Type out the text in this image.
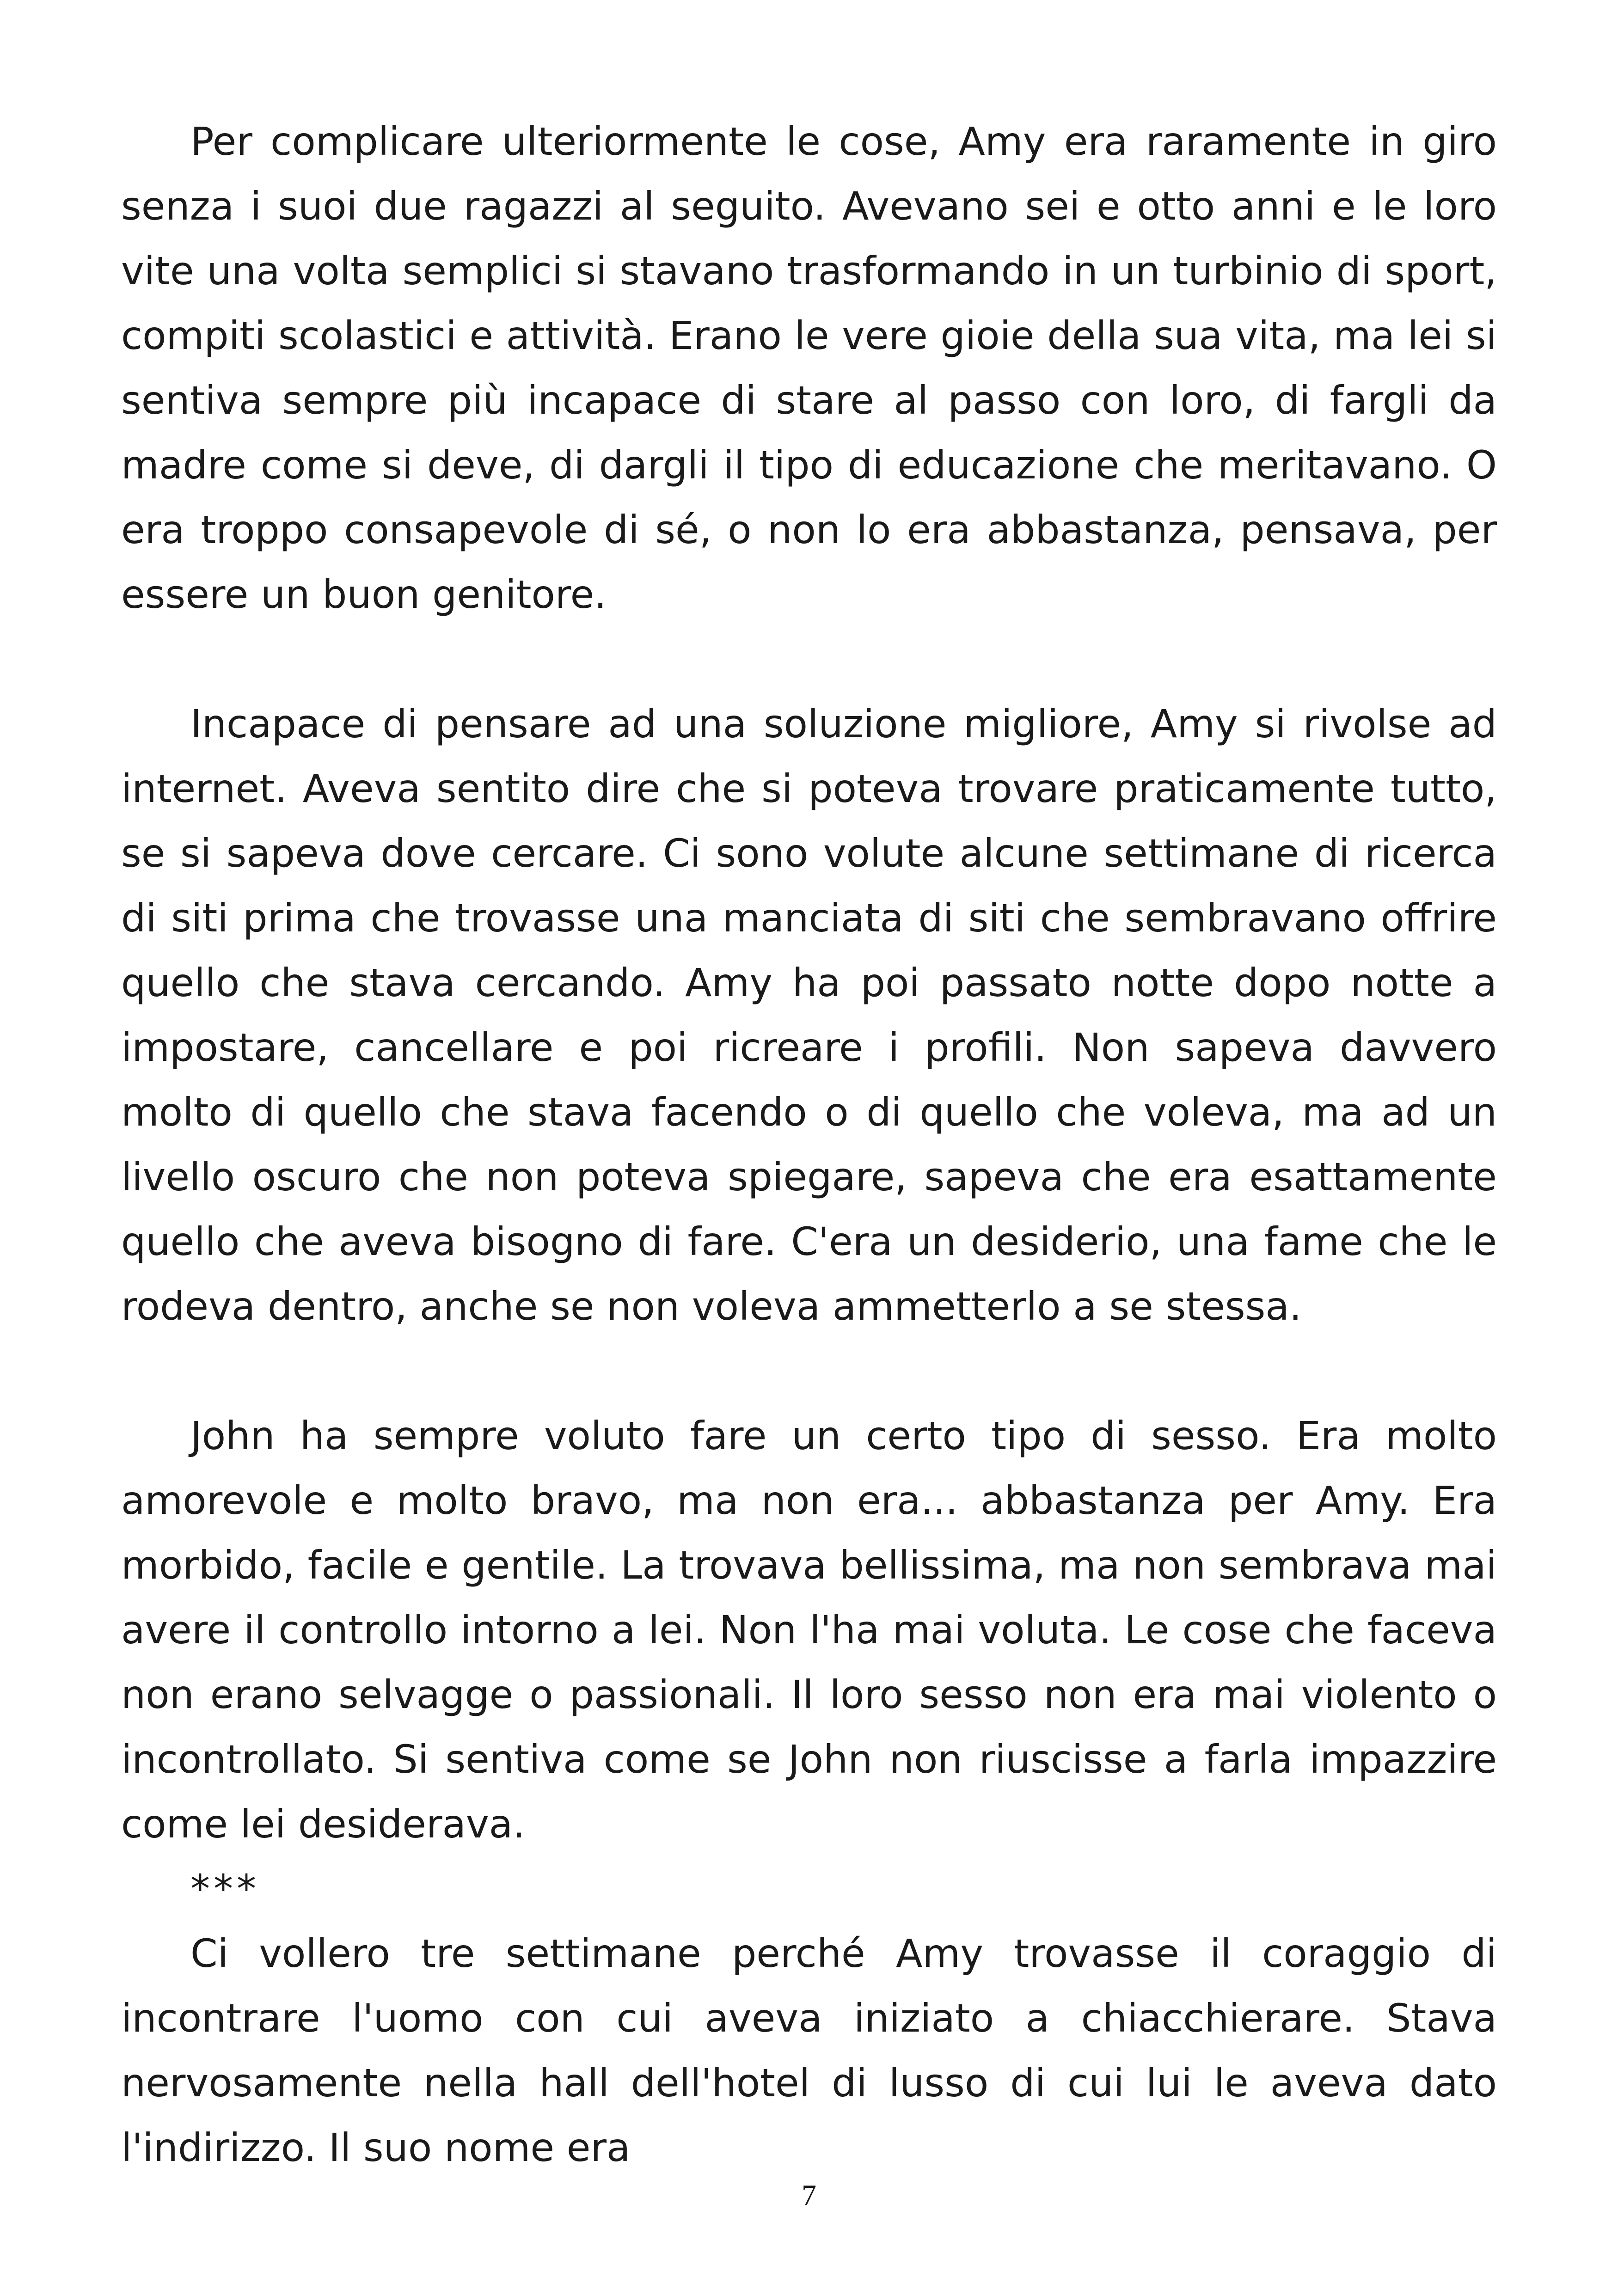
Per complicare ulteriormente le cose, Amy era raramente in giro senza i suoi due ragazzi al seguito. Avevano sei e otto anni e le loro vite una volta semplici si stavano trasformando in un turbinio di sport, compiti scolastici e attività. Erano le vere gioie della sua vita, ma lei si sentiva sempre più incapace di stare al passo con loro, di fargli da madre come si deve, di dargli il tipo di educazione che meritavano. O era troppo consapevole di sé, o non lo era abbastanza, pensava, per essere un buon genitore.

Incapace di pensare ad una soluzione migliore, Amy si rivolse ad internet. Aveva sentito dire che si poteva trovare praticamente tutto, se si sapeva dove cercare. Ci sono volute alcune settimane di ricerca di siti prima che trovasse una manciata di siti che sembravano offrire quello che stava cercando. Amy ha poi passato notte dopo notte a impostare, cancellare e poi ricreare i profili. Non sapeva davvero molto di quello che stava facendo o di quello che voleva, ma ad un livello oscuro che non poteva spiegare, sapeva che era esattamente quello che aveva bisogno di fare. C'era un desiderio, una fame che le rodeva dentro, anche se non voleva ammetterlo a se stessa.

John ha sempre voluto fare un certo tipo di sesso. Era molto amorevole e molto bravo, ma non era... abbastanza per Amy. Era morbido, facile e gentile. La trovava bellissima, ma non sembrava mai avere il controllo intorno a lei. Non l'ha mai voluta. Le cose che faceva non erano selvagge o passionali. Il loro sesso non era mai violento o incontrollato. Si sentiva come se John non riuscisse a farla impazzire come lei desiderava.

***

Ci vollero tre settimane perché Amy trovasse il coraggio di incontrare l'uomo con cui aveva iniziato a chiacchierare. Stava nervosamente nella hall dell'hotel di lusso di cui lui le aveva dato l'indirizzo. Il suo nome era

7
